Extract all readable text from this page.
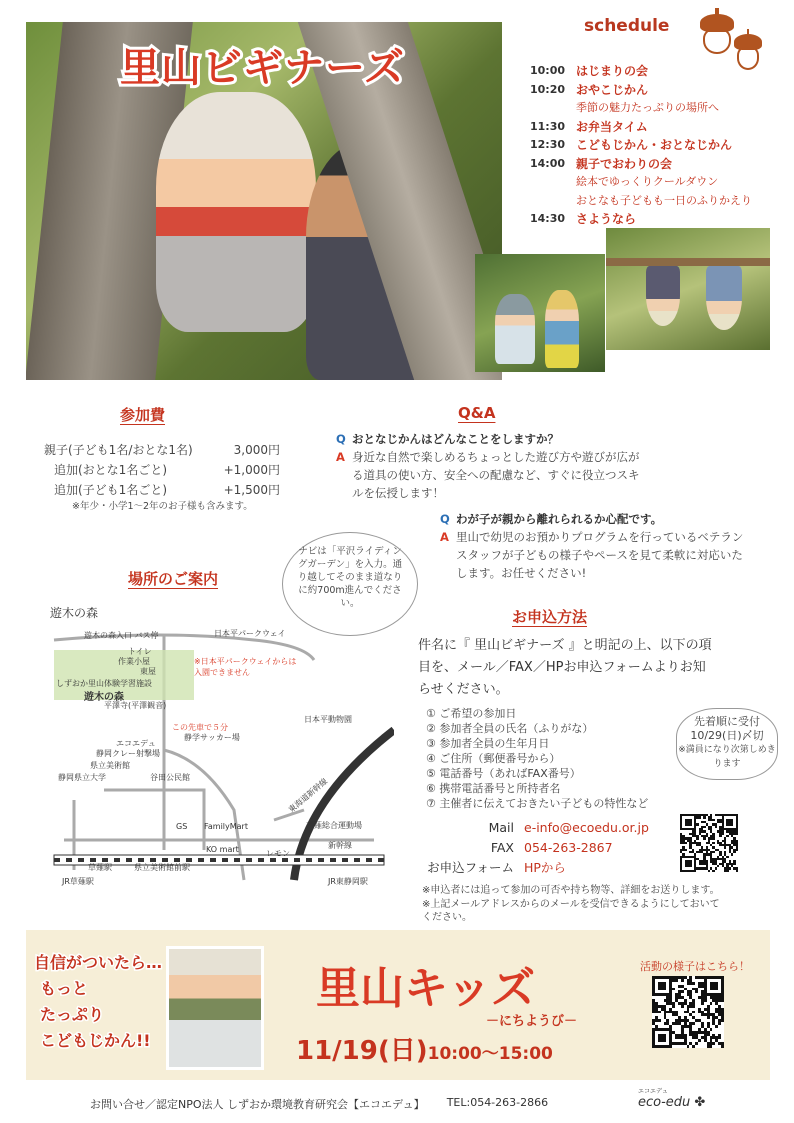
里山ビギナーズ
schedule
10:00 はじまりの会
10:20 おやこじかん
季節の魅力たっぷりの場所へ
11:30 お弁当タイム
12:30 こどもじかん・おとなじかん
14:00 親子でおわりの会
絵本でゆっくりクールダウン
おとなも子どもも一日のふりかえり
14:30 さようなら
参加費
親子(子ども1名/おとな1名)	3,000円
追加(おとな1名ごと)	+1,000円
追加(子ども1名ごと)	+1,500円
※年少・小学1〜2年のお子様も含みます。
Q&A
Q おとなじかんはどんなことをしますか？
A 身近な自然で楽しめるちょっとした遊び方や遊びが広がる道具の使い方、安全への配慮など、すぐに役立つスキルを伝授します！
Q わが子が親から離れられるか心配です。
A 里山で幼児のお預かりプログラムを行っているベテランスタッフが子どもの様子やペースを見て柔軟に対応いたします。お任せください!
場所のご案内
ナビは「平沢ライディングガーデン」を入力。通り越してそのまま道なりに約700m進んでください。
遊木の森
遊木の森入口 バス停	日本平パークウェイ
トイレ
作業小屋
東屋
しずおか里山体験学習施設
遊木の森
※日本平パークウェイからは入園できません
平澤寺(平澤観音)
日本平動物園
この先車で５分
エコエデュ
静岡クレー射撃場
静学サッカー場
県立美術館
静岡県立大学	谷田公民館	東海道新幹線
草薙総合運動場
GS FamilyMart
草薙駅	県立美術館前駅
KO mart	レモン
新幹線
JR草薙駅	JR東静岡駅
お申込方法
件名に『 里山ビギナーズ 』と明記の上、以下の項目を、メール／FAX／HPお申込フォームよりお知らせください。
① ご希望の参加日
② 参加者全員の氏名（ふりがな）
③ 参加者全員の生年月日
④ ご住所（郵便番号から）
⑤ 電話番号（あればFAX番号）
⑥ 携帯電話番号と所持者名
⑦ 主催者に伝えておきたい子どもの特性など
先着順に受付
10/29(日)〆切
※満員になり次第しめきります
Mail e-info@ecoedu.or.jp
FAX 054-263-2867
お申込フォーム HPから
※申込者には追って参加の可否や持ち物等、詳細をお送りします。
※上記メールアドレスからのメールを受信できるようにしておいてください。
自信がついたら…
もっと
たっぷり
こどもじかん!!
里山キッズ
－にちようび－
11/19(日)10:00〜15:00
活動の様子はこちら！
お問い合せ／認定NPO法人 しずおか環境教育研究会【エコエデュ】 TEL:054-263-2866
エコエデュ
eco-edu ✤
